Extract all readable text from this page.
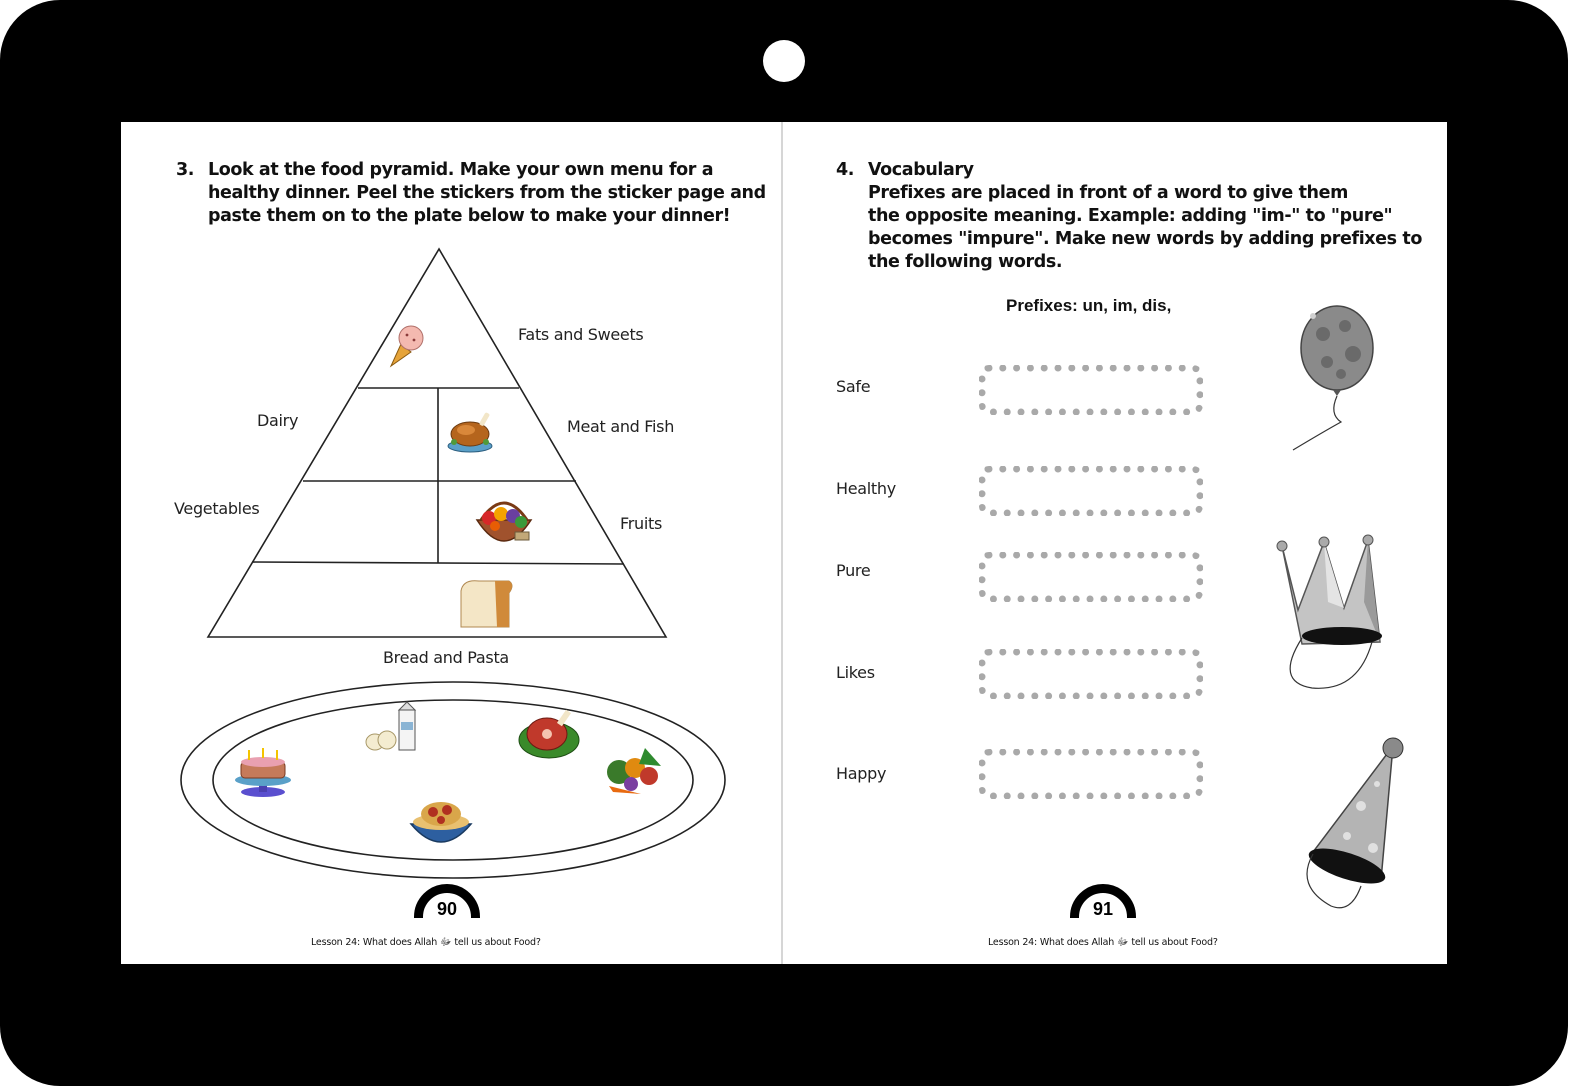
3. Look at the food pyramid. Make your own menu for a
healthy dinner. Peel the stickers from the sticker page and
paste them on to the plate below to make your dinner!
Fats and Sweets
Dairy	Meat and Fish
Vegetables
Fruits
Bread and Pasta
90
Lesson 24: What does Allah ﷻ tell us about Food?
4. Vocabulary
Prefixes are placed in front of a word to give them
the opposite meaning. Example: adding "im-" to "pure"
becomes "impure". Make new words by adding prefixes to
the following words.
Prefixes: un, im, dis,
Safe
Healthy
Pure
Likes
Happy
91
Lesson 24: What does Allah ﷻ tell us about Food?
